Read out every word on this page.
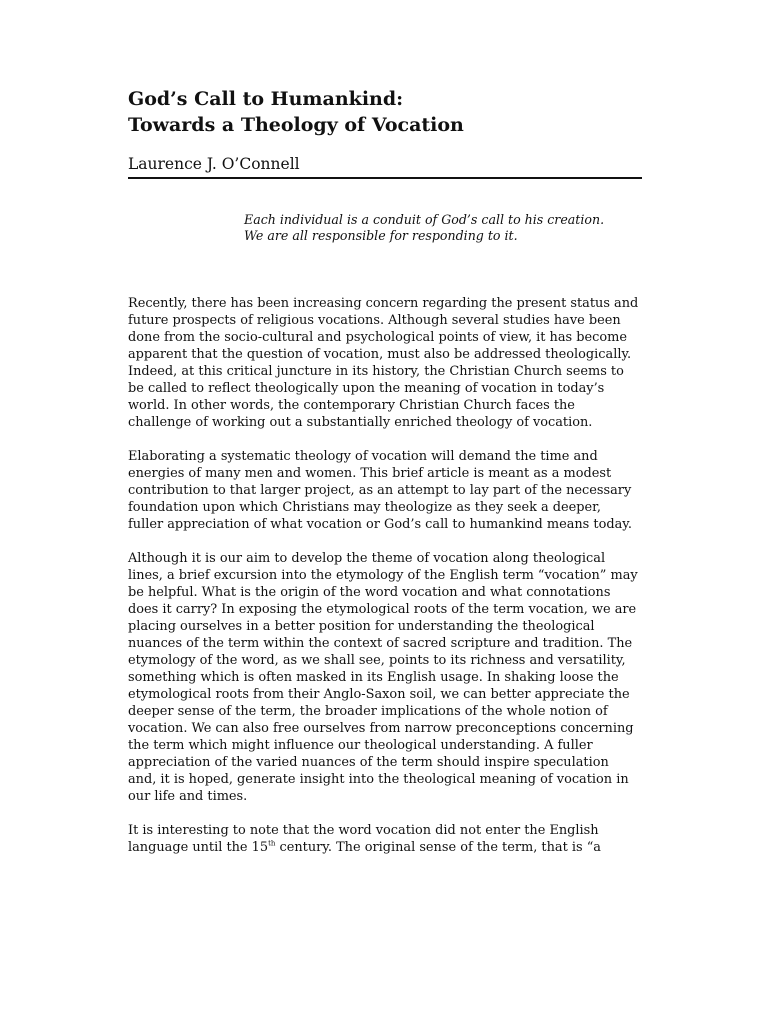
God’s Call to Humankind:
Towards a Theology of Vocation

Laurence J. O’Connell

Each individual is a conduit of God’s call to his creation.
We are all responsible for responding to it.

Recently, there has been increasing concern regarding the present status and
future prospects of religious vocations. Although several studies have been
done from the socio-cultural and psychological points of view, it has become
apparent that the question of vocation, must also be addressed theologically.
Indeed, at this critical juncture in its history, the Christian Church seems to
be called to reflect theologically upon the meaning of vocation in today’s
world. In other words, the contemporary Christian Church faces the
challenge of working out a substantially enriched theology of vocation.

Elaborating a systematic theology of vocation will demand the time and
energies of many men and women. This brief article is meant as a modest
contribution to that larger project, as an attempt to lay part of the necessary
foundation upon which Christians may theologize as they seek a deeper,
fuller appreciation of what vocation or God’s call to humankind means today.

Although it is our aim to develop the theme of vocation along theological
lines, a brief excursion into the etymology of the English term “vocation” may
be helpful. What is the origin of the word vocation and what connotations
does it carry? In exposing the etymological roots of the term vocation, we are
placing ourselves in a better position for understanding the theological
nuances of the term within the context of sacred scripture and tradition. The
etymology of the word, as we shall see, points to its richness and versatility,
something which is often masked in its English usage. In shaking loose the
etymological roots from their Anglo-Saxon soil, we can better appreciate the
deeper sense of the term, the broader implications of the whole notion of
vocation. We can also free ourselves from narrow preconceptions concerning
the term which might influence our theological understanding. A fuller
appreciation of the varied nuances of the term should inspire speculation
and, it is hoped, generate insight into the theological meaning of vocation in
our life and times.

It is interesting to note that the word vocation did not enter the English
language until the 15th century. The original sense of the term, that is “a
